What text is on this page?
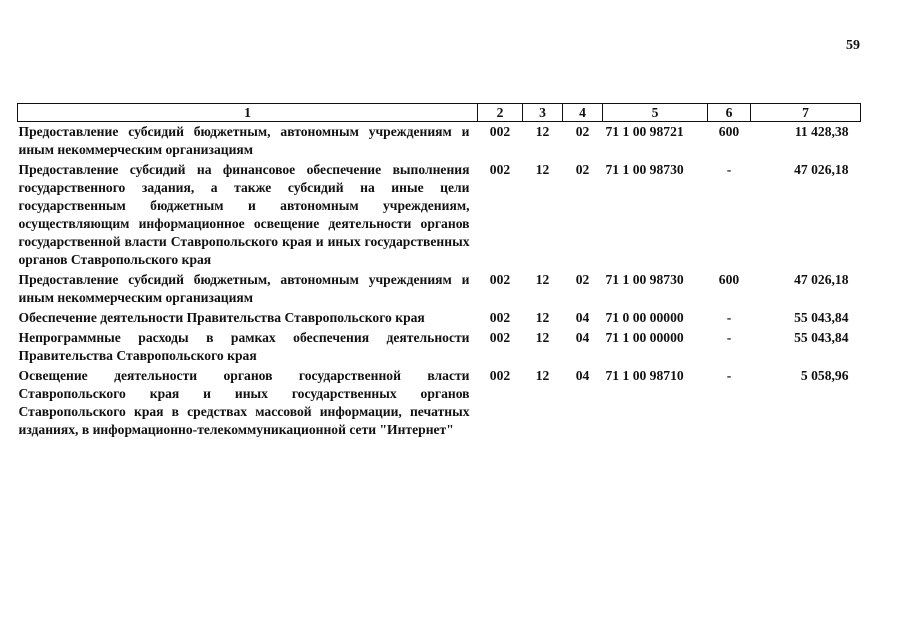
59
1	2	3	4	5	6	7
Предоставление субсидий бюджетным, автономным учреждениям и иным некоммерческим организациям	002	12	02	71 1 00 98721	600	11 428,38
Предоставление субсидий на финансовое обеспечение выполнения государственного задания, а также субсидий на иные цели государственным бюджетным и автономным учреждениям, осуществляющим информационное освещение деятельности органов государственной власти Ставропольского края и иных государственных органов Ставропольского края	002	12	02	71 1 00 98730	-	47 026,18
Предоставление субсидий бюджетным, автономным учреждениям и иным некоммерческим организациям	002	12	02	71 1 00 98730	600	47 026,18
Обеспечение деятельности Правительства Ставропольского края	002	12	04	71 0 00 00000	-	55 043,84
Непрограммные расходы в рамках обеспечения деятельности Правительства Ставропольского края	002	12	04	71 1 00 00000	-	55 043,84
Освещение деятельности органов государственной власти Ставропольского края и иных государственных органов Ставропольского края в средствах массовой информации, печатных изданиях, в информационно-телекоммуникационной сети "Интернет"	002	12	04	71 1 00 98710	-	5 058,96
